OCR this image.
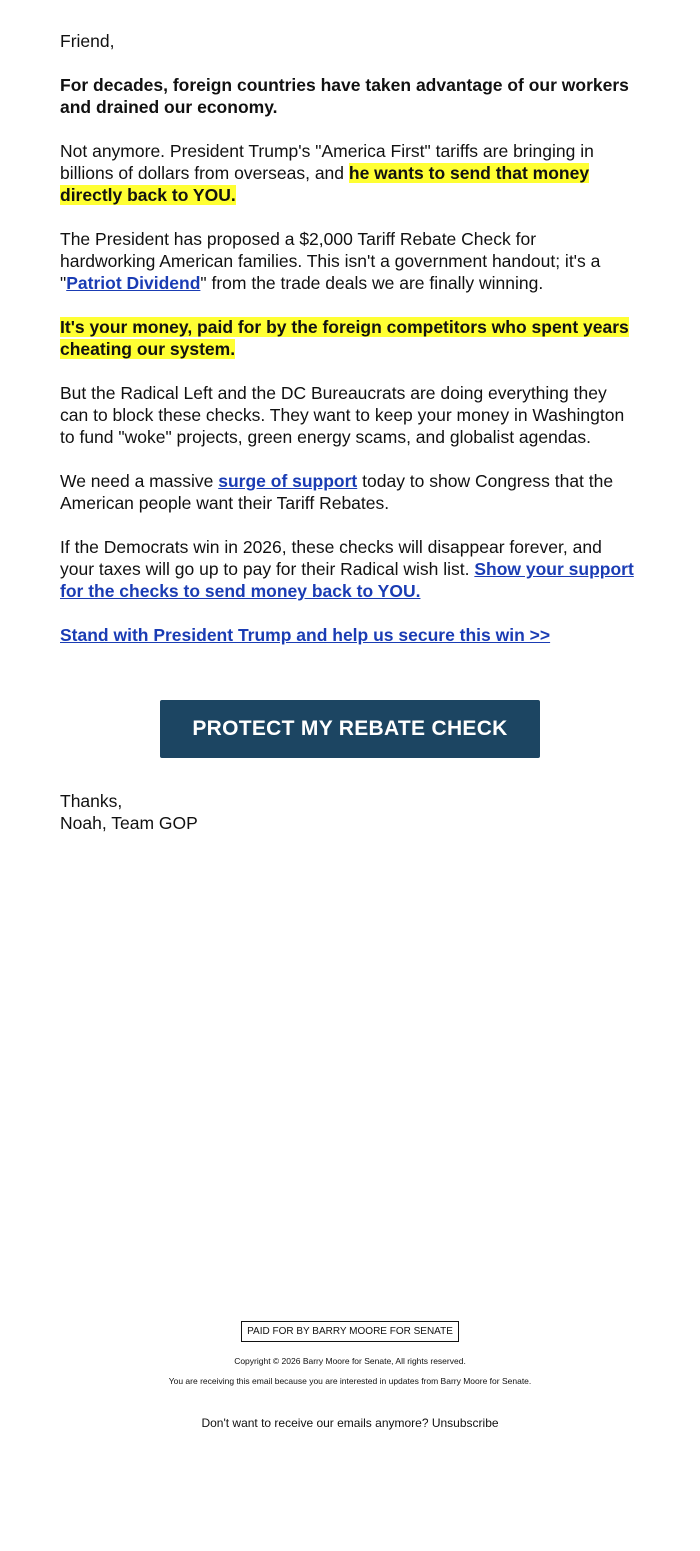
Friend,

For decades, foreign countries have taken advantage of our workers and drained our economy.

Not anymore. President Trump's "America First" tariffs are bringing in billions of dollars from overseas, and he wants to send that money directly back to YOU.

The President has proposed a $2,000 Tariff Rebate Check for hardworking American families. This isn't a government handout; it's a "Patriot Dividend" from the trade deals we are finally winning.

It's your money, paid for by the foreign competitors who spent years cheating our system.

But the Radical Left and the DC Bureaucrats are doing everything they can to block these checks. They want to keep your money in Washington to fund "woke" projects, green energy scams, and globalist agendas.

We need a massive surge of support today to show Congress that the American people want their Tariff Rebates.

If the Democrats win in 2026, these checks will disappear forever, and your taxes will go up to pay for their Radical wish list. Show your support for the checks to send money back to YOU.

Stand with President Trump and help us secure this win >>

PROTECT MY REBATE CHECK
Thanks,
Noah, Team GOP
PAID FOR BY BARRY MOORE FOR SENATE
Copyright © 2026 Barry Moore for Senate, All rights reserved.
You are receiving this email because you are interested in updates from Barry Moore for Senate.
Don't want to receive our emails anymore? Unsubscribe
